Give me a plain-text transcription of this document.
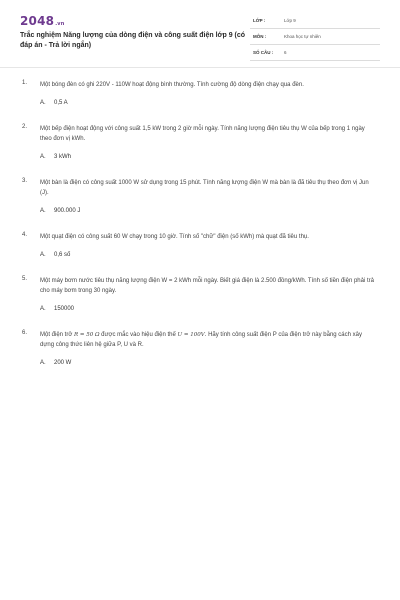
2048.vn
Trắc nghiệm Năng lượng của dòng điện và công suất điện lớp 9 (có đáp án - Trả lời ngắn)
LỚP :	Lớp 9
MÔN :	Khoa học tự nhiên
SỐ CÂU : 6
1. Một bóng đèn có ghi 220V - 110W hoạt động bình thường. Tính cường độ dòng điện chạy qua đèn.
A. 0,5 A
2. Một bếp điện hoạt động với công suất 1,5 kW trong 2 giờ mỗi ngày. Tính năng lượng điện tiêu thụ W của bếp trong 1 ngày theo đơn vị kWh.
A. 3 kWh
3. Một bàn là điện có công suất 1000 W sử dụng trong 15 phút. Tính năng lượng điện W mà bàn là đã tiêu thụ theo đơn vị Jun (J).
A. 900.000 J
4. Một quạt điện có công suất 60 W chạy trong 10 giờ. Tính số "chữ" điện (số kWh) mà quạt đã tiêu thụ.
A. 0,6 số
5. Một máy bơm nước tiêu thụ năng lượng điện W = 2 kWh mỗi ngày. Biết giá điện là 2.500 đồng/kWh. Tính số tiền điện phải trả cho máy bơm trong 30 ngày.
A. 150000
6. Một điện trở R = 50 Ω được mắc vào hiệu điện thế U = 100V. Hãy tính công suất điện P của điện trở này bằng cách xây dựng công thức liên hệ giữa P, U và R.
A. 200 W
